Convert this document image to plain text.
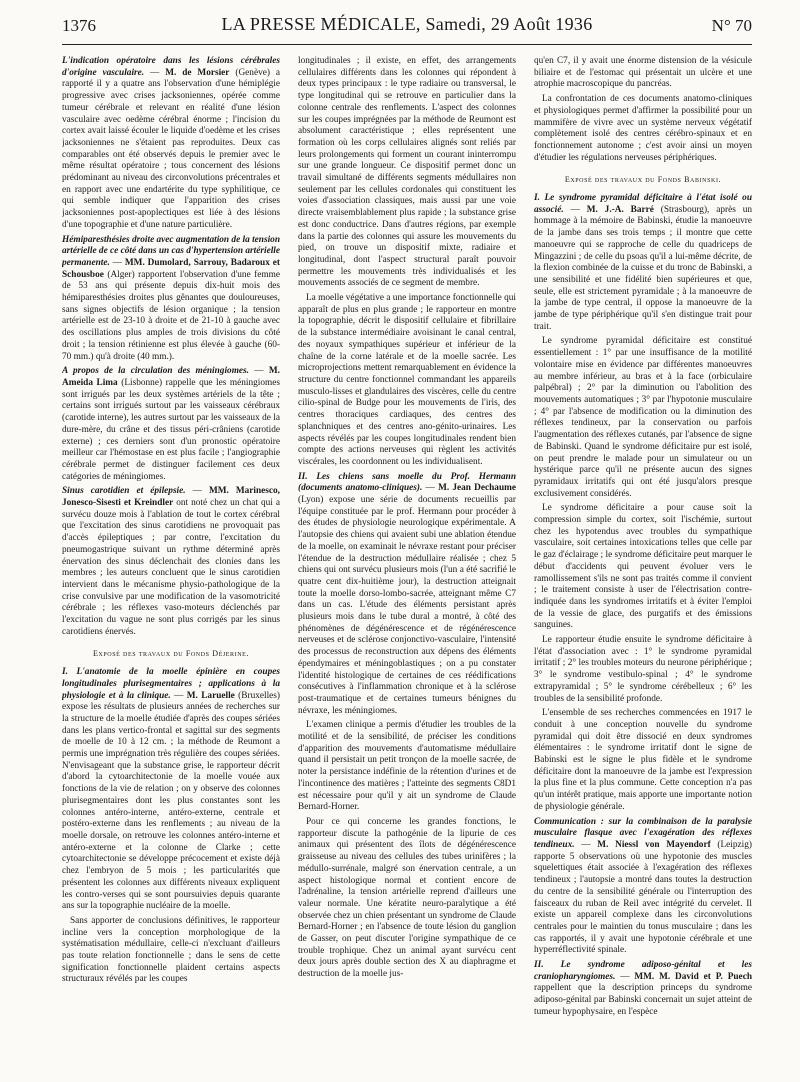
1376	LA PRESSE MÉDICALE, Samedi, 29 Août 1936	N° 70

L'indication opératoire dans les lésions cérébrales d'origine vasculaire. — M. de Morsier (Genève) a rapporté il y a quatre ans l'observation d'une hémiplégie progressive avec crises jacksoniennes, opérée comme tumeur cérébrale et relevant en réalité d'une lésion vasculaire avec oedème cérébral énorme ; l'incision du cortex avait laissé écouler le liquide d'oedème et les crises jacksoniennes ne s'étaient pas reproduites. Deux cas comparables ont été observés depuis le premier avec le même résultat opératoire ; tous concernent des lésions prédominant au niveau des circonvolutions précentrales et en rapport avec une endartérite du type syphilitique, ce qui semble indiquer que l'apparition des crises jacksoniennes post-apoplectiques est liée à des lésions d'une topographie et d'une nature particulière.

Hémiparesthésies droite avec augmentation de la tension artérielle de ce côté dans un cas d'hypertension artérielle permanente. — MM. Dumolard, Sarrouy, Badaroux et Schousboe (Alger) rapportent l'observation d'une femme de 53 ans qui présente depuis dix-huit mois des hémiparesthésies droites plus gênantes que douloureuses, sans signes objectifs de lésion organique ; la tension artérielle est de 23-10 à droite et de 21-10 à gauche avec des oscillations plus amples de trois divisions du côté droit ; la tension rétinienne est plus élevée à gauche (60-70 mm.) qu'à droite (40 mm.).

A propos de la circulation des méningiomes. — M. Ameida Lima (Lisbonne) rappelle que les méningiomes sont irrigués par les deux systèmes artériels de la tête ; certains sont irrigués surtout par les vaisseaux cérébraux (carotide interne), les autres surtout par les vaisseaux de la dure-mère, du crâne et des tissus péri-crâniens (carotide externe) ; ces derniers sont d'un pronostic opératoire meilleur car l'hémostase en est plus facile ; l'angiographie cérébrale permet de distinguer facilement ces deux catégories de méningiomes.

Sinus carotidien et épilepsie. — MM. Marinesco, Jonesco-Sisesti et Kreindler ont noté chez un chat qui a survécu douze mois à l'ablation de tout le cortex cérébral que l'excitation des sinus carotidiens ne provoquait pas d'accès épileptiques ; par contre, l'excitation du pneumogastrique suivant un rythme déterminé après énervation des sinus déclenchait des clonies dans les membres ; les auteurs concluent que le sinus carotidien intervient dans le mécanisme physio-pathologique de la crise convulsive par une modification de la vasomotricité cérébrale ; les réflexes vaso-moteurs déclenchés par l'excitation du vague ne sont plus corrigés par les sinus carotidiens énervés.

Exposé des travaux du Fonds Déjerine.

I. L'anatomie de la moelle épinière en coupes longitudinales plurisegmentaires ; applications à la physiologie et à la clinique. — M. Laruelle (Bruxelles) expose les résultats de plusieurs années de recherches sur la structure de la moelle étudiée d'après des coupes sériées dans les plans vertico-frontal et sagittal sur des segments de moelle de 10 à 12 cm. ; la méthode de Reumont a permis une imprégnation très régulière des coupes sériées. N'envisageant que la substance grise, le rapporteur décrit d'abord la cytoarchitectonie de la moelle vouée aux fonctions de la vie de relation ; on y observe des colonnes plurisegmentaires dont les plus constantes sont les colonnes antéro-interne, antéro-externe, centrale et postéro-externe dans les renflements ; au niveau de la moelle dorsale, on retrouve les colonnes antéro-interne et antéro-externe et la colonne de Clarke ; cette cytoarchitectonie se développe précocement et existe déjà chez l'embryon de 5 mois ; les particularités que présentent les colonnes aux différents niveaux expliquent les contro-verses qui se sont poursuivies depuis quarante ans sur la topographie nucléaire de la moelle.

Sans apporter de conclusions définitives, le rapporteur incline vers la conception morphologique de la systématisation médullaire, celle-ci n'excluant d'ailleurs pas toute relation fonctionnelle ; dans le sens de cette signification fonctionnelle plaident certains aspects structuraux révélés par les coupes

longitudinales ; il existe, en effet, des arrangements cellulaires différents dans les colonnes qui répondent à deux types principaux : le type radiaire ou transversal, le type longitudinal qui se retrouve en particulier dans la colonne centrale des renflements. L'aspect des colonnes sur les coupes imprégnées par la méthode de Reumont est absolument caractéristique ; elles représentent une formation où les corps cellulaires alignés sont reliés par leurs prolongements qui forment un courant ininterrompu sur une grande longueur. Ce dispositif permet donc un travail simultané de différents segments médullaires non seulement par les cellules cordonales qui constituent les voies d'association classiques, mais aussi par une voie directe vraisemblablement plus rapide ; la substance grise est donc conductrice. Dans d'autres régions, par exemple dans la partie des colonnes qui assure les mouvements du pied, on trouve un dispositif mixte, radiaire et longitudinal, dont l'aspect structural paraît pouvoir permettre les mouvements très individualisés et les mouvements associés de ce segment de membre.

La moelle végétative a une importance fonctionnelle qui apparaît de plus en plus grande ; le rapporteur en montre la topographie, décrit le dispositif cellulaire et fibrillaire de la substance intermédiaire avoisinant le canal central, des noyaux sympathiques supérieur et inférieur de la chaîne de la corne latérale et de la moelle sacrée. Les microprojections mettent remarquablement en évidence la structure du centre fonctionnel commandant les appareils musculo-lisses et glandulaires des viscères, celle du centre cilio-spinal de Budge pour les mouvements de l'iris, des centres thoraciques cardiaques, des centres des splanchniques et des centres ano-génito-urinaires. Les aspects révélés par les coupes longitudinales rendent bien compte des actions nerveuses qui règlent les activités viscérales, les coordonnent ou les individualisent.

II. Les chiens sans moelle du Prof. Hermann (documents anatomo-cliniques). — M. Jean Dechaume (Lyon) expose une série de documents recueillis par l'équipe constituée par le prof. Hermann pour procéder à des études de physiologie neurologique expérimentale. A l'autopsie des chiens qui avaient subi une ablation étendue de la moelle, on examinait le névraxe restant pour préciser l'étendue de la destruction médullaire réalisée ; chez 5 chiens qui ont survécu plusieurs mois (l'un a été sacrifié le quatre cent dix-huitième jour), la destruction atteignait toute la moelle dorso-lombo-sacrée, atteignant même C7 dans un cas. L'étude des éléments persistant après plusieurs mois dans le tube dural a montré, à côté des phénomènes de dégénérescence et de régénérescence nerveuses et de sclérose conjonctivo-vasculaire, l'intensité des processus de reconstruction aux dépens des éléments épendymaires et méningoblastiques ; on a pu constater l'identité histologique de certaines de ces réédifications consécutives à l'inflammation chronique et à la sclérose post-traumatique et de certaines tumeurs bénignes du névraxe, les méningiomes.

L'examen clinique a permis d'étudier les troubles de la motilité et de la sensibilité, de préciser les conditions d'apparition des mouvements d'automatisme médullaire quand il persistait un petit tronçon de la moelle sacrée, de noter la persistance indéfinie de la rétention d'urines et de l'incontinence des matières ; l'atteinte des segments C8D1 est nécessaire pour qu'il y ait un syndrome de Claude Bernard-Horner.

Pour ce qui concerne les grandes fonctions, le rapporteur discute la pathogénie de la lipurie de ces animaux qui présentent des îlots de dégénérescence graisseuse au niveau des cellules des tubes urinifères ; la médullo-surrénale, malgré son énervation centrale, a un aspect histologique normal et contient encore de l'adrénaline, la tension artérielle reprend d'ailleurs une valeur normale. Une kératite neuro-paralytique a été observée chez un chien présentant un syndrome de Claude Bernard-Horner ; en l'absence de toute lésion du ganglion de Gasser, on peut discuter l'origine sympathique de ce trouble trophique. Chez un animal ayant survécu cent deux jours après double section des X au diaphragme et destruction de la moelle jus-

qu'en C7, il y avait une énorme distension de la vésicule biliaire et de l'estomac qui présentait un ulcère et une atrophie macroscopique du pancréas.

La confrontation de ces documents anatomo-cliniques et physiologiques permet d'affirmer la possibilité pour un mammifère de vivre avec un système nerveux végétatif complètement isolé des centres cérébro-spinaux et en fonctionnement autonome ; c'est avoir ainsi un moyen d'étudier les régulations nerveuses périphériques.

Exposé des travaux du Fonds Babinski.

I. Le syndrome pyramidal déficitaire à l'état isolé ou associé. — M. J.-A. Barré (Strasbourg), après un hommage à la mémoire de Babinski, étudie la manoeuvre de la jambe dans ses trois temps ; il montre que cette manoeuvre qui se rapproche de celle du quadriceps de Mingazzini ; de celle du psoas qu'il a lui-même décrite, de la flexion combinée de la cuisse et du tronc de Babinski, a une sensibilité et une fidélité bien supérieures et que, seule, elle est strictement pyramidale ; à la manoeuvre de la jambe de type central, il oppose la manoeuvre de la jambe de type périphérique qu'il s'en distingue trait pour trait.

Le syndrome pyramidal déficitaire est constitué essentiellement : 1° par une insuffisance de la motilité volontaire mise en évidence par différentes manoeuvres au membre inférieur, au bras et à la face (orbiculaire palpébral) ; 2° par la diminution ou l'abolition des mouvements automatiques ; 3° par l'hypotonie musculaire ; 4° par l'absence de modification ou la diminution des réflexes tendineux, par la conservation ou parfois l'augmentation des réflexes cutanés, par l'absence de signe de Babinski. Quand le syndrome déficitaire pur est isolé, on peut prendre le malade pour un simulateur ou un hystérique parce qu'il ne présente aucun des signes pyramidaux irritatifs qui ont été jusqu'alors presque exclusivement considérés.

Le syndrome déficitaire a pour cause soit la compression simple du cortex, soit l'ischémie, surtout chez les hypotendus avec troubles du sympathique vasculaire, soit certaines intoxications telles que celle par le gaz d'éclairage ; le syndrome déficitaire peut marquer le début d'accidents qui peuvent évoluer vers le ramollissement s'ils ne sont pas traités comme il convient ; le traitement consiste à user de l'électrisation contre-indiquée dans les syndromes irritatifs et à éviter l'emploi de la vessie de glace, des purgatifs et des émissions sanguines.

Le rapporteur étudie ensuite le syndrome déficitaire à l'état d'association avec : 1° le syndrome pyramidal irritatif ; 2° les troubles moteurs du neurone périphérique ; 3° le syndrome vestibulo-spinal ; 4° le syndrome extrapyramidal ; 5° le syndrome cérébelleux ; 6° les troubles de la sensibilité profonde.

L'ensemble de ses recherches commencées en 1917 le conduit à une conception nouvelle du syndrome pyramidal qui doit être dissocié en deux syndromes élémentaires : le syndrome irritatif dont le signe de Babinski est le signe le plus fidèle et le syndrome déficitaire dont la manoeuvre de la jambe est l'expression la plus fine et la plus commune. Cette conception n'a pas qu'un intérêt pratique, mais apporte une importante notion de physiologie générale.

Communication : sur la combinaison de la paralysie musculaire flasque avec l'exagération des réflexes tendineux. — M. Niessl von Mayendorf (Leipzig) rapporte 5 observations où une hypotonie des muscles squelettiques était associée à l'exagération des réflexes tendineux ; l'autopsie a montré dans toutes la destruction du centre de la sensibilité générale ou l'interruption des faisceaux du ruban de Reil avec intégrité du cervelet. Il existe un appareil complexe dans les circonvolutions centrales pour le maintien du tonus musculaire ; dans les cas rapportés, il y avait une hypotonie cérébrale et une hyperréflectivité spinale.

II. Le syndrome adiposo-génital et les craniopharyngiomes. — MM. M. David et P. Puech rappellent que la description princeps du syndrome adiposo-génital par Babinski concernait un sujet atteint de tumeur hypophysaire, en l'espèce
